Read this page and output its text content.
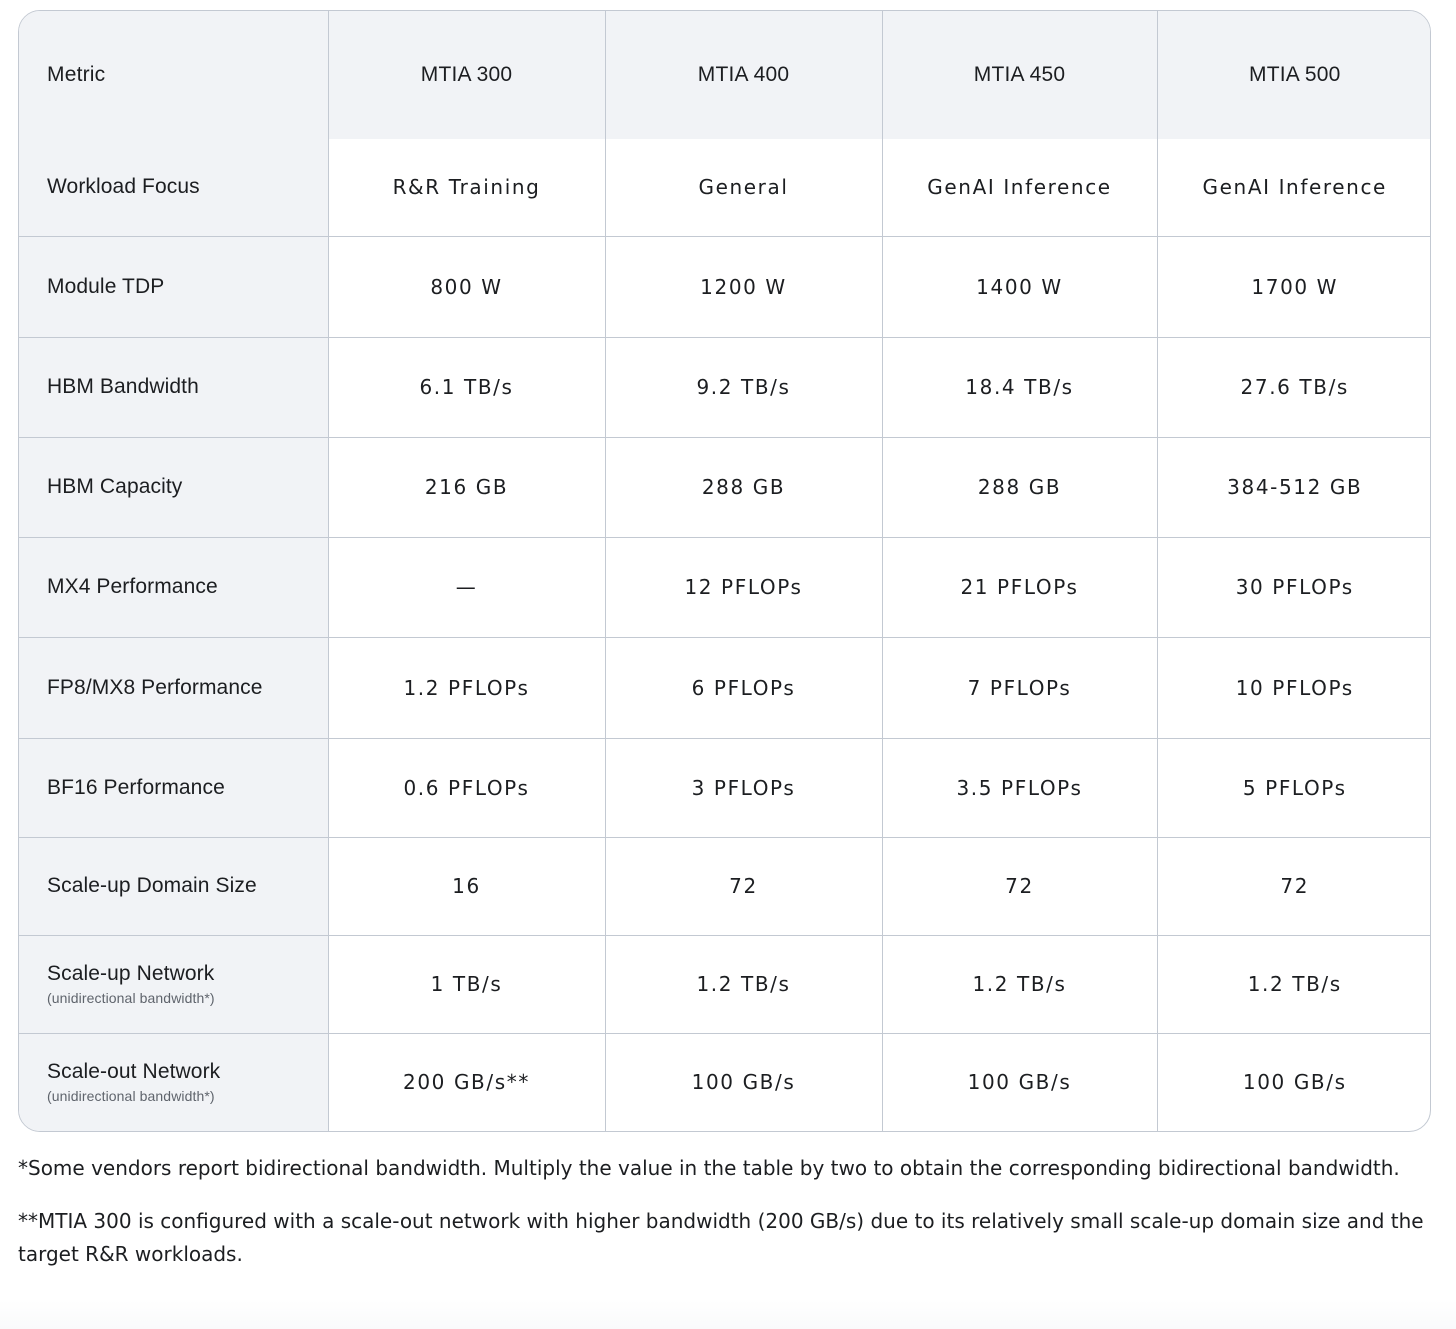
Metric	MTIA 300	MTIA 400	MTIA 450	MTIA 500
Workload Focus	R&R Training	General	GenAI Inference	GenAI Inference
Module TDP	800 W	1200 W	1400 W	1700 W
HBM Bandwidth	6.1 TB/s	9.2 TB/s	18.4 TB/s	27.6 TB/s
HBM Capacity	216 GB	288 GB	288 GB	384-512 GB
MX4 Performance	—	12 PFLOPs	21 PFLOPs	30 PFLOPs
FP8/MX8 Performance	1.2 PFLOPs	6 PFLOPs	7 PFLOPs	10 PFLOPs
BF16 Performance	0.6 PFLOPs	3 PFLOPs	3.5 PFLOPs	5 PFLOPs
Scale-up Domain Size	16	72	72	72
Scale-up Network
(unidirectional bandwidth*)	1 TB/s	1.2 TB/s	1.2 TB/s	1.2 TB/s
Scale-out Network
(unidirectional bandwidth*)	200 GB/s**	100 GB/s	100 GB/s	100 GB/s

*Some vendors report bidirectional bandwidth. Multiply the value in the table by two to obtain the corresponding bidirectional bandwidth.

**MTIA 300 is configured with a scale-out network with higher bandwidth (200 GB/s) due to its relatively small scale-up domain size and the target R&R workloads.
